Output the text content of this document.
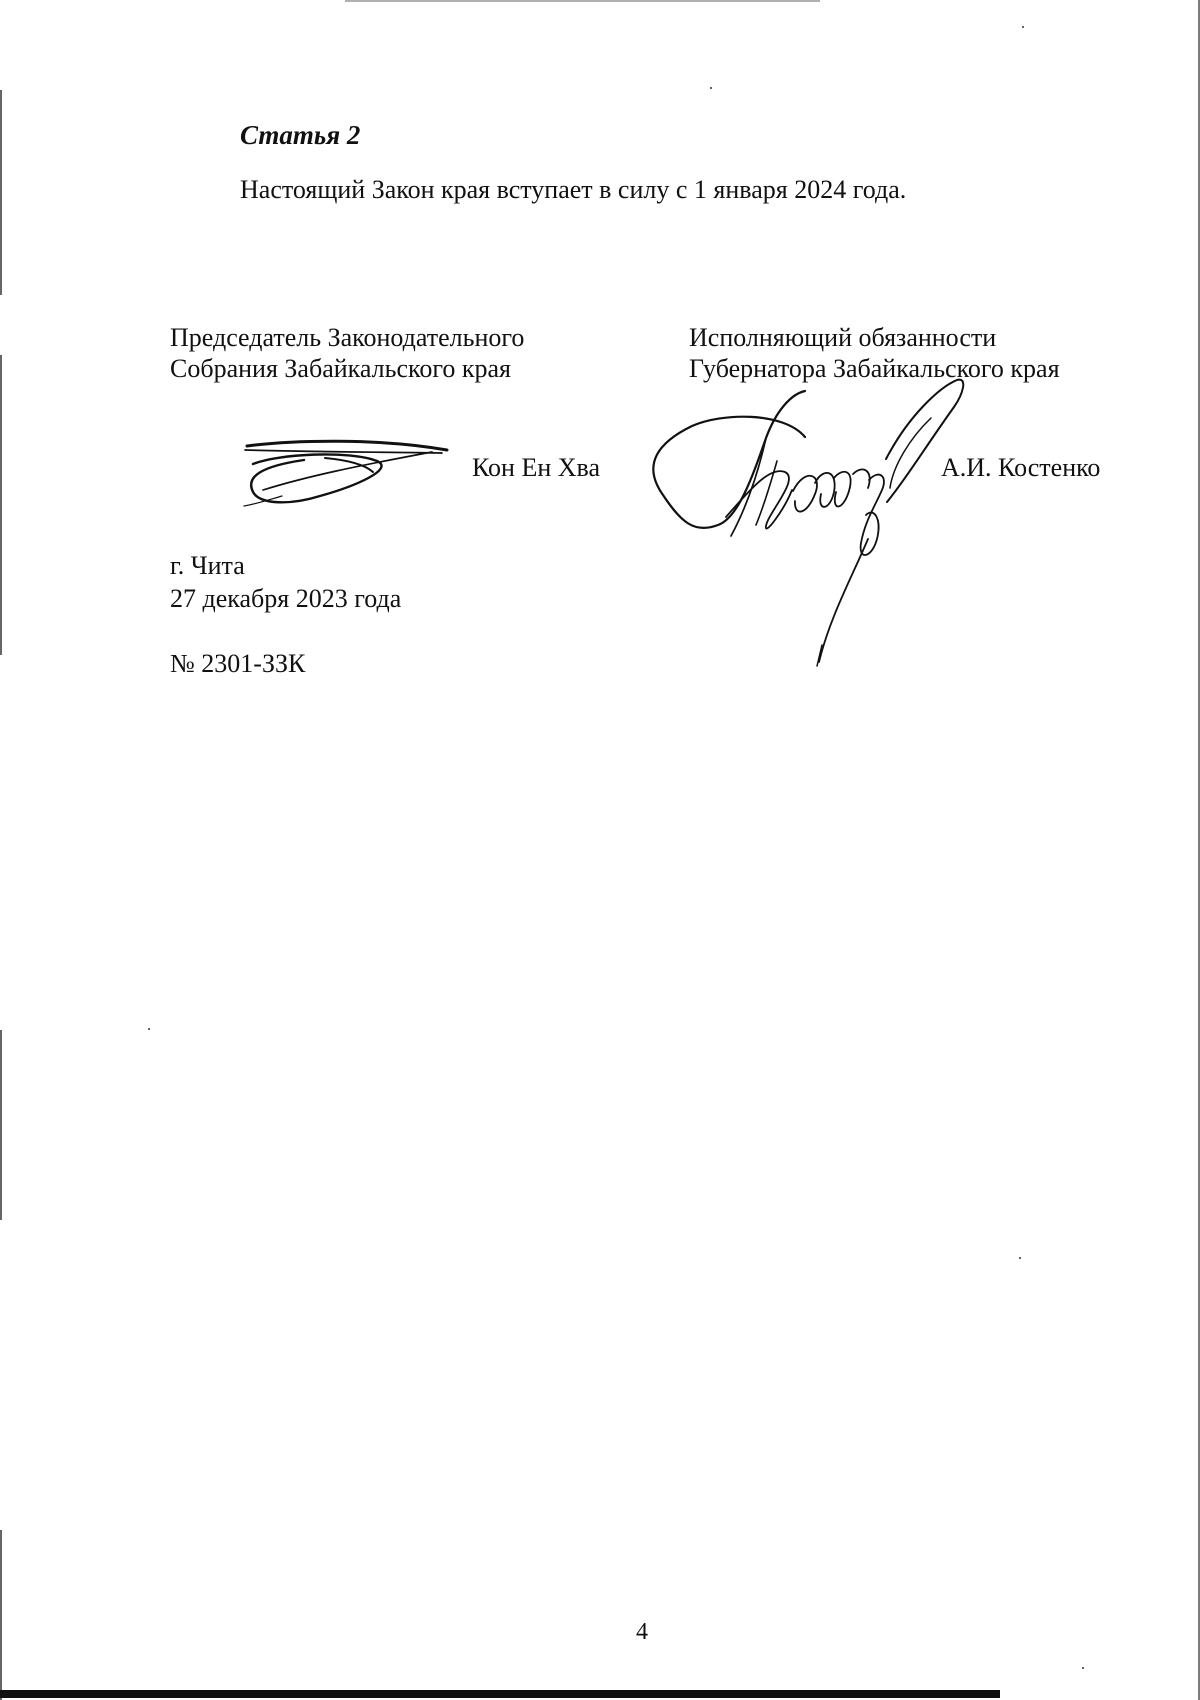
Статья 2
Настоящий Закон края вступает в силу с 1 января 2024 года.
Председатель Законодательного
Собрания Забайкальского края
Исполняющий обязанности
Губернатора Забайкальского края
Кон Ен Хва	А.И. Костенко
г. Чита
27 декабря 2023 года
№ 2301-ЗЗК
4
